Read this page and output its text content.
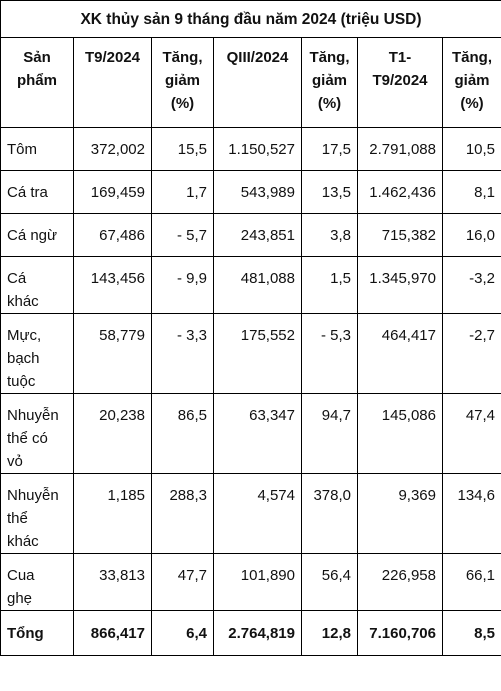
XK thủy sản 9 tháng đầu năm 2024 (triệu USD)						
Sản
phẩm	T9/2024	Tăng,
giảm
(%)	QIII/2024	Tăng,
giảm
(%)	T1-
T9/2024	Tăng,
giảm
(%)
Tôm	372,002	15,5	1.150,527	17,5	2.791,088	10,5
Cá tra	169,459	1,7	543,989	13,5	1.462,436	8,1
Cá ngừ	67,486	- 5,7	243,851	3,8	715,382	16,0
Cá
khác	143,456	- 9,9	481,088	1,5	1.345,970	-3,2
Mực,
bạch
tuộc	58,779	- 3,3	175,552	- 5,3	464,417	-2,7
Nhuyễn
thể có
vỏ	20,238	86,5	63,347	94,7	145,086	47,4
Nhuyễn
thể
khác	1,185	288,3	4,574	378,0	9,369	134,6
Cua
ghẹ	33,813	47,7	101,890	56,4	226,958	66,1
Tổng	866,417	6,4	2.764,819	12,8	7.160,706	8,5
